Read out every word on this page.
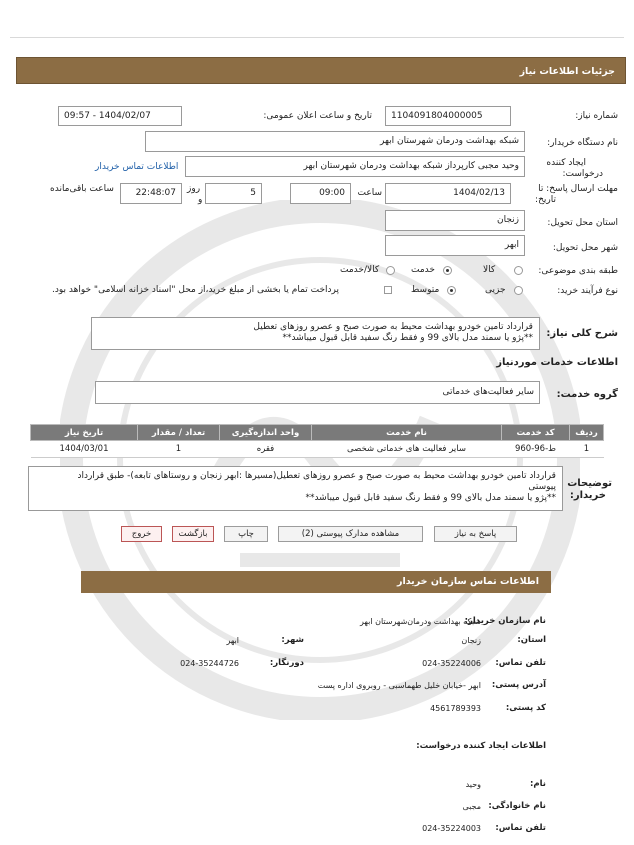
جزئیات اطلاعات نیاز
شماره نیاز:
1104091804000005
تاریخ و ساعت اعلان عمومی:
1404/02/07 - 09:57
نام دستگاه خریدار:
شبکه بهداشت ودرمان شهرستان ابهر
ایجاد کننده
درخواست:
وحید مجبی کارپرداز شبکه بهداشت ودرمان شهرستان ابهر
اطلاعات تماس خریدار
مهلت ارسال پاسخ: تا
تاریخ:
1404/02/13
ساعت
09:00
5
روز
و
22:48:07
ساعت باقی‌مانده
استان محل تحویل:
زنجان
شهر محل تحویل:
ابهر
طبقه بندی موضوعی:
کالا
خدمت
کالا/خدمت
نوع فرآیند خرید:
جزیی
متوسط
پرداخت تمام یا بخشی از مبلغ خرید،از محل "اسناد خزانه اسلامی" خواهد بود.
شرح کلی نیاز:
قرارداد تامین خودرو بهداشت محیط به صورت صبح و عصرو روزهای تعطیل
**پژو یا سمند مدل بالای 99 و فقط رنگ سفید قابل قبول میباشد**
اطلاعات خدمات موردنیاز
گروه خدمت:
سایر فعالیت‌های خدماتی
ردیف	کد خدمت	نام خدمت	واحد اندازه‌گیری	تعداد / مقدار	تاریخ نیاز
1	ط-96-960	سایر فعالیت های خدماتی شخصی	فقره	1	1404/03/01
توضیحات
خریدار:
قرارداد تامین خودرو بهداشت محیط به صورت صبح و عصرو روزهای تعطیل(مسیرها :ابهر زنجان و روستاهای تابعه)- طبق قرارداد
پیوستی
**پژو یا سمند مدل بالای 99 و فقط رنگ سفید قابل قبول میباشد**
پاسخ به نیاز
مشاهده مدارک پیوستی (2)
چاپ
بازگشت
خروج
اطلاعات تماس سازمان خریدار
نام سازمان خریدار:
شبکه بهداشت ودرمان‌شهرستان ابهر
استان:
زنجان
شهر:
ابهر
تلفن تماس:
024-35224006
دورنگار:
024-35244726
آدرس پستی:
ابهر -خیابان خلیل طهماسبی - روبروی اداره پست
کد پستی:
4561789393
اطلاعات ایجاد کننده درخواست:
نام:
وحید
نام خانوادگی:
مجبی
تلفن تماس:
024-35224003
